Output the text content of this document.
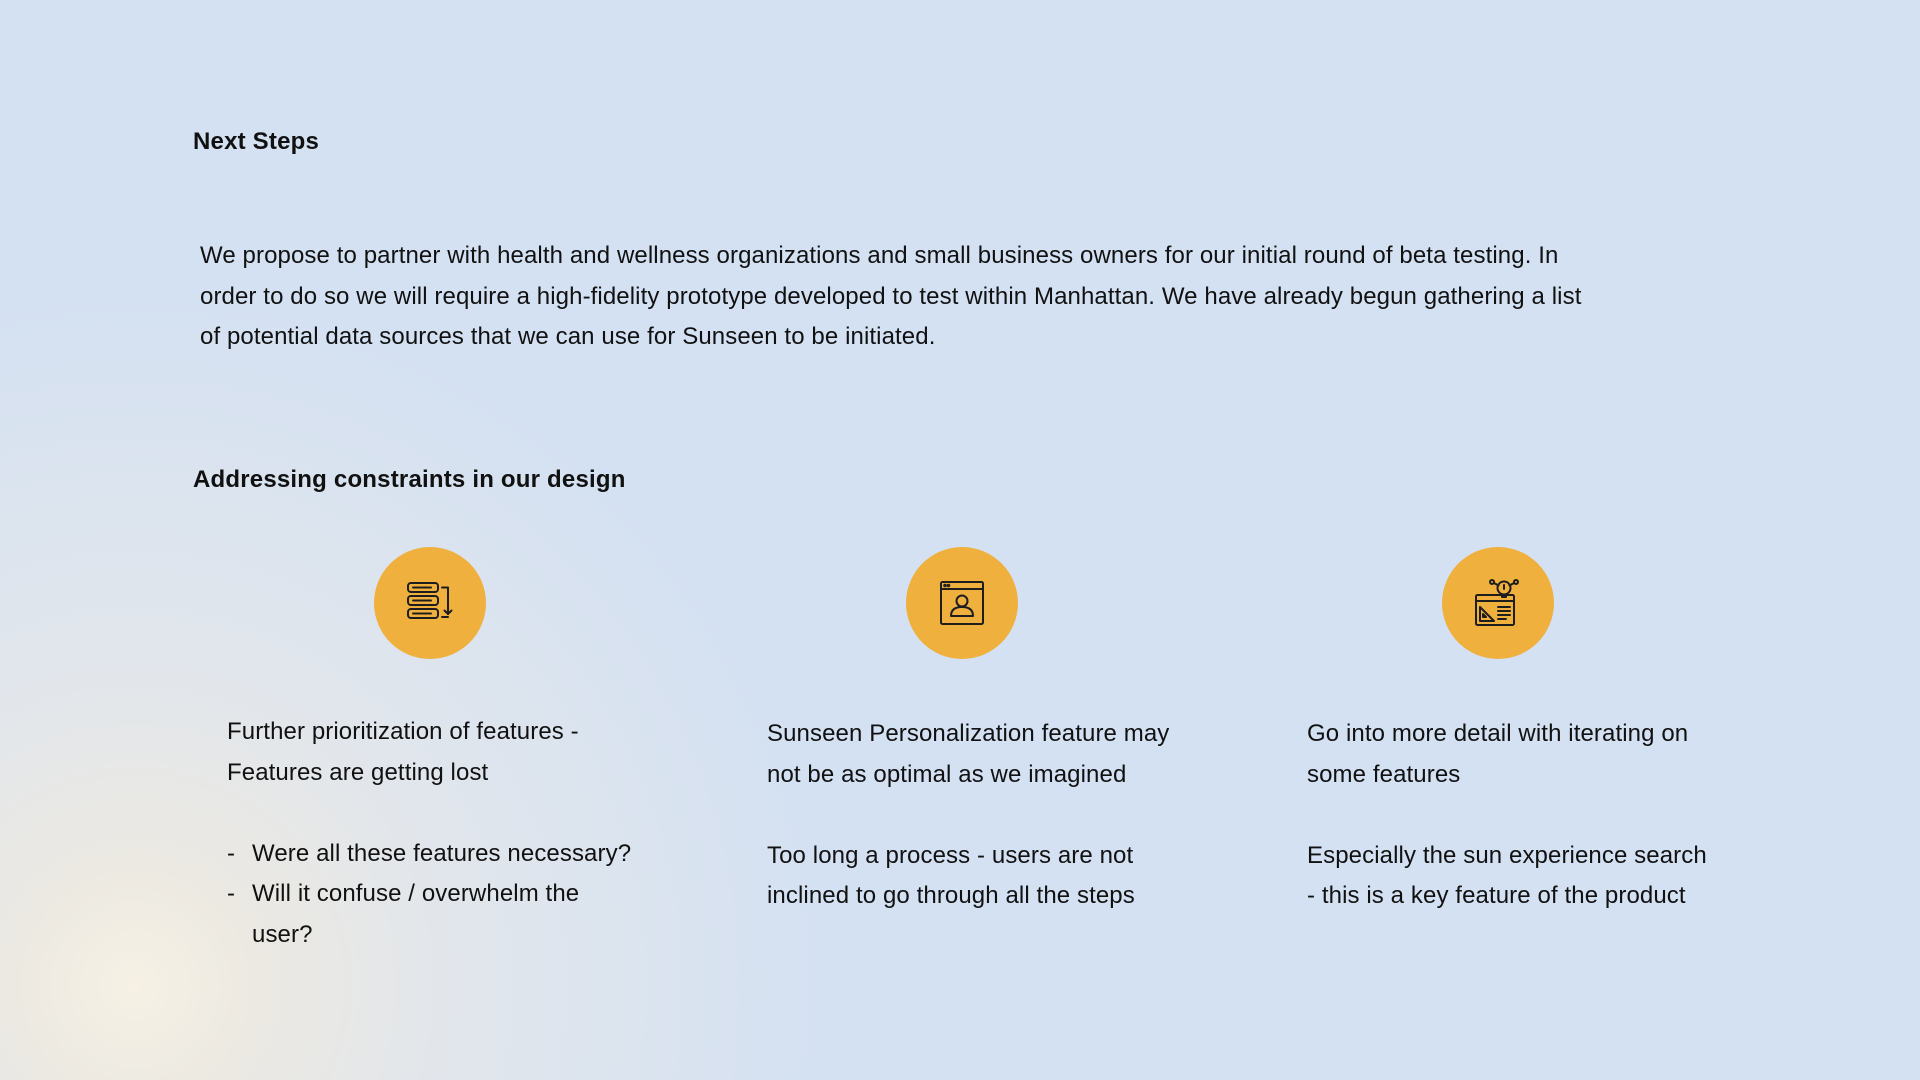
Next Steps

We propose to partner with health and wellness organizations and small business owners for our initial round of beta testing. In
order to do so we will require a high-fidelity prototype developed to test within Manhattan. We have already begun gathering a list
of potential data sources that we can use for Sunseen to be initiated.

Addressing constraints in our design

Further prioritization of features -
Features are getting lost

- Were all these features necessary?
- Will it confuse / overwhelm the user?

Sunseen Personalization feature may
not be as optimal as we imagined

Too long a process - users are not
inclined to go through all the steps

Go into more detail with iterating on
some features

Especially the sun experience search
- this is a key feature of the product
